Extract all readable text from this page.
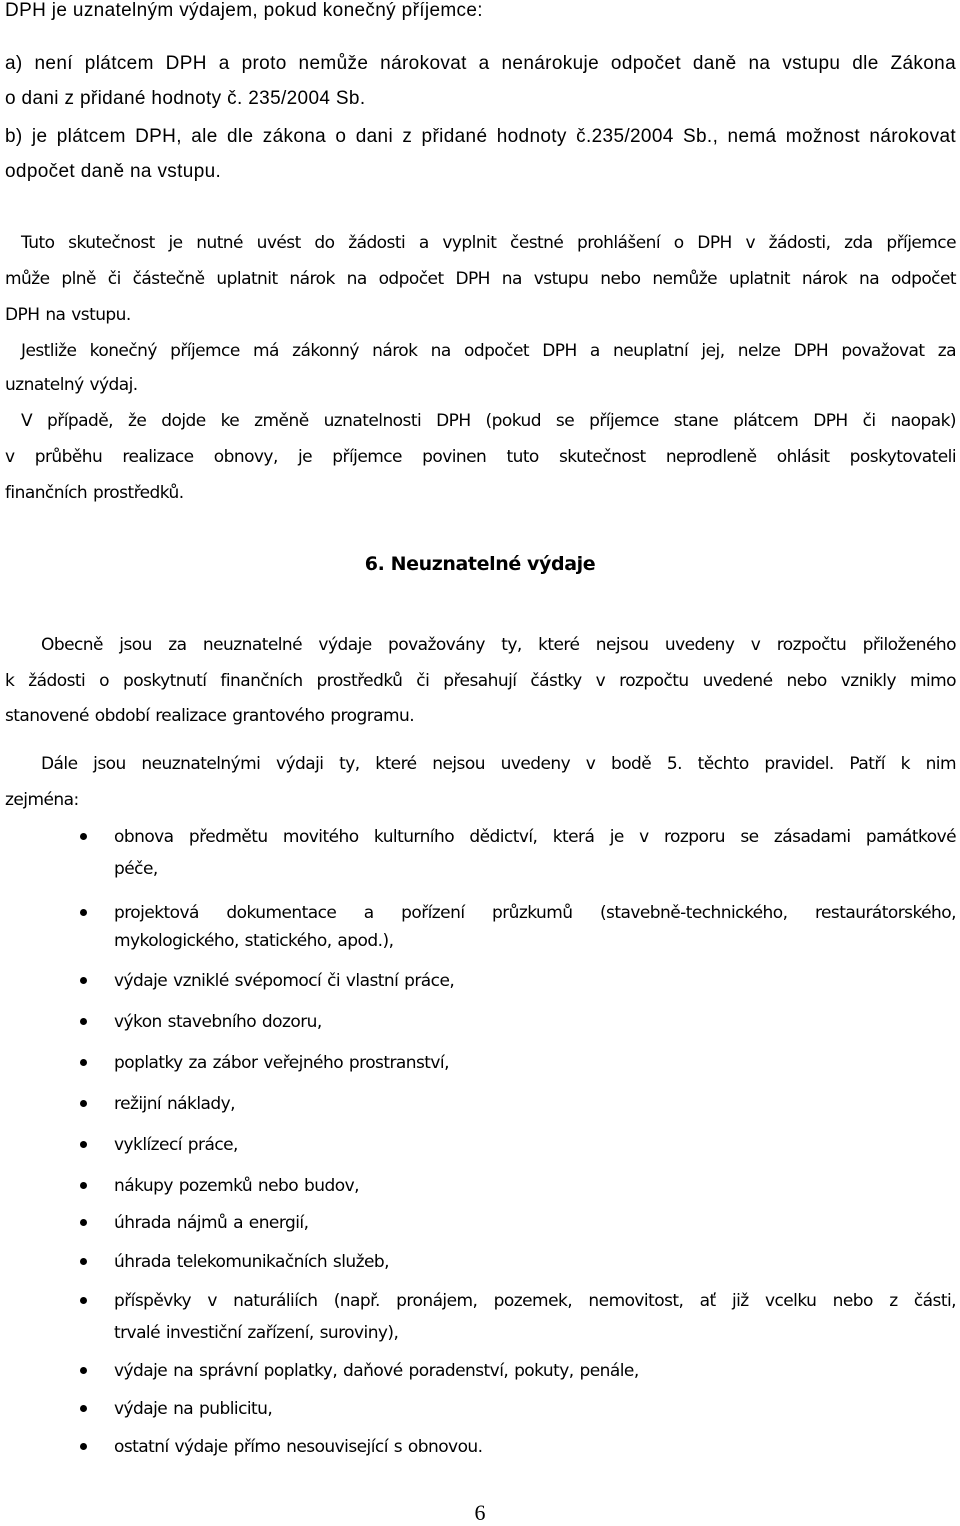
DPH je uznatelným výdajem, pokud konečný příjemce:
a) není plátcem DPH a proto nemůže nárokovat a nenárokuje odpočet daně na vstupu dle Zákona
o dani z přidané hodnoty č. 235/2004 Sb.
b) je plátcem DPH, ale dle zákona o dani z přidané hodnoty č.235/2004 Sb., nemá možnost nárokovat
odpočet daně na vstupu.
Tuto skutečnost je nutné uvést do žádosti a vyplnit čestné prohlášení o DPH v žádosti, zda příjemce
může plně či částečně uplatnit nárok na odpočet DPH na vstupu nebo nemůže uplatnit nárok na odpočet
DPH na vstupu.
Jestliže konečný příjemce má zákonný nárok na odpočet DPH a neuplatní jej, nelze DPH považovat za
uznatelný výdaj.
V případě, že dojde ke změně uznatelnosti DPH (pokud se příjemce stane plátcem DPH či naopak)
v průběhu realizace obnovy, je příjemce povinen tuto skutečnost neprodleně ohlásit poskytovateli
finančních prostředků.
6. Neuznatelné výdaje
Obecně jsou za neuznatelné výdaje považovány ty, které nejsou uvedeny v rozpočtu přiloženého
k žádosti o poskytnutí finančních prostředků či přesahují částky v rozpočtu uvedené nebo vznikly mimo
stanovené období realizace grantového programu.
Dále jsou neuznatelnými výdaji ty, které nejsou uvedeny v bodě 5. těchto pravidel. Patří k nim
zejména:
obnova předmětu movitého kulturního dědictví, která je v rozporu se zásadami památkové
péče,
projektová dokumentace a pořízení průzkumů (stavebně-technického, restaurátorského,
mykologického, statického, apod.),
výdaje vzniklé svépomocí či vlastní práce,
výkon stavebního dozoru,
poplatky za zábor veřejného prostranství,
režijní náklady,
vyklízecí práce,
nákupy pozemků nebo budov,
úhrada nájmů a energií,
úhrada telekomunikačních služeb,
příspěvky v naturáliích (např. pronájem, pozemek, nemovitost, ať již vcelku nebo z části,
trvalé investiční zařízení, suroviny),
výdaje na správní poplatky, daňové poradenství, pokuty, penále,
výdaje na publicitu,
ostatní výdaje přímo nesouvisející s obnovou.
6
